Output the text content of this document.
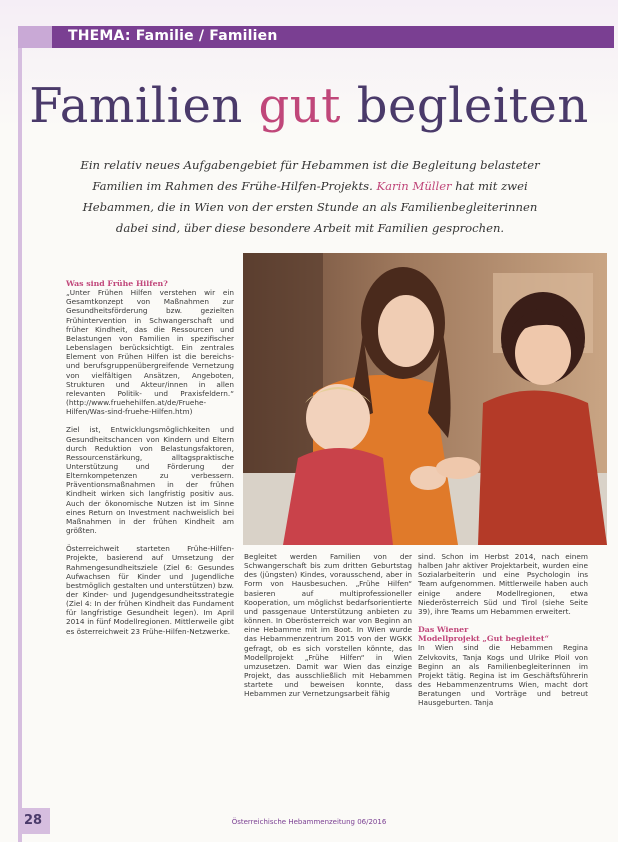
THEMA: Familie / Familien
Familien gut begleiten
Ein relativ neues Aufgabengebiet für Hebammen ist die Begleitung belasteter Familien im Rahmen des Frühe-Hilfen-Projekts. Karin Müller hat mit zwei Hebammen, die in Wien von der ersten Stunde an als Familienbegleiterinnen dabei sind, über diese besondere Arbeit mit Familien gesprochen.

Was sind Frühe Hilfen?

„Unter Frühen Hilfen verstehen wir ein Gesamtkonzept von Maßnahmen zur Gesundheitsförderung bzw. gezielten Frühintervention in Schwangerschaft und früher Kindheit, das die Ressourcen und Belastungen von Familien in spezifischer Lebenslagen berücksichtigt. Ein zentrales Element von Frühen Hilfen ist die bereichs- und berufsgruppenübergreifende Vernetzung von vielfältigen Ansätzen, Angeboten, Strukturen und Akteur/innen in allen relevanten Politik- und Praxisfeldern.“ (http://www.fruehehilfen.at/de/Fruehe-Hilfen/Was-sind-fruehe-Hilfen.htm)

Ziel ist, Entwicklungsmöglichkeiten und Gesundheitschancen von Kindern und Eltern durch Reduktion von Belastungsfaktoren, Ressourcenstärkung, alltagspraktische Unterstützung und Förderung der Elternkompetenzen zu verbessern. Präventionsmaßnahmen in der frühen Kindheit wirken sich langfristig positiv aus. Auch der ökonomische Nutzen ist im Sinne eines Return on Investment nachweislich bei Maßnahmen in der frühen Kindheit am größten.

Österreichweit starteten Frühe-Hilfen-Projekte, basierend auf Umsetzung der Rahmengesundheitsziele (Ziel 6: Gesundes Aufwachsen für Kinder und Jugendliche bestmöglich gestalten und unterstützen) bzw. der Kinder- und Jugendgesundheitsstrategie (Ziel 4: In der frühen Kindheit das Fundament für langfristige Gesundheit legen). Im April 2014 in fünf Modellregionen. Mittlerweile gibt es österreichweit 23 Frühe-Hilfen-Netzwerke.

Begleitet werden Familien von der Schwangerschaft bis zum dritten Geburtstag des (jüngsten) Kindes, vorausschend, aber in Form von Hausbesuchen. „Frühe Hilfen“ basieren auf multiprofessioneller Kooperation, um möglichst bedarfsorientierte und passgenaue Unterstützung anbieten zu können. In Oberösterreich war von Beginn an eine Hebamme mit im Boot. In Wien wurde das Hebammenzentrum 2015 von der WGKK gefragt, ob es sich vorstellen könnte, das Modellprojekt „Frühe Hilfen“ in Wien umzusetzen. Damit war Wien das einzige Projekt, das ausschließlich mit Hebammen startete und beweisen konnte, dass Hebammen zur Vernetzungsarbeit fähig

sind. Schon im Herbst 2014, nach einem halben Jahr aktiver Projektarbeit, wurden eine Sozialarbeiterin und eine Psychologin ins Team aufgenommen. Mittlerweile haben auch einige andere Modellregionen, etwa Niederösterreich Süd und Tirol (siehe Seite 39), ihre Teams um Hebammen erweitert.

Das Wiener

Modellprojekt „Gut begleitet“

In Wien sind die Hebammen Regina Zelvkovits, Tanja Kogs und Ulrike Ploil von Beginn an als Familienbegleiterinnen im Projekt tätig. Regina ist im Geschäftsführerin des Hebammenzentrums Wien, macht dort Beratungen und Vorträge und betreut Hausgeburten. Tanja

28	Österreichische Hebammenzeitung 06/2016
